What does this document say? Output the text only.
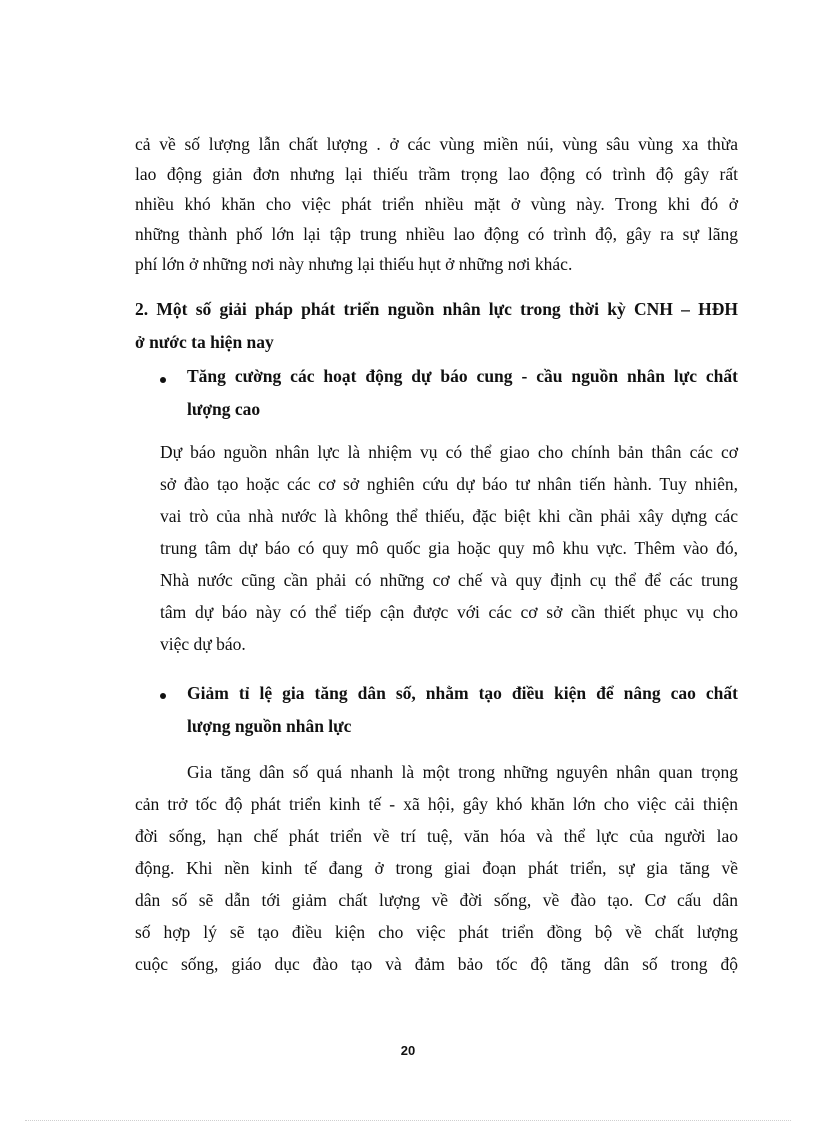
cả về số lượng lẫn chất lượng . ở các vùng miền núi, vùng sâu vùng xa thừa
lao động giản đơn nhưng lại thiếu trầm trọng lao động có trình độ gây rất
nhiều khó khăn cho việc phát triển nhiều mặt ở vùng này. Trong khi đó ở
những thành phố lớn lại tập trung nhiều lao động có trình độ, gây ra sự lãng
phí lớn ở những nơi này nhưng lại thiếu hụt ở những nơi khác.
2. Một số giải pháp phát triển nguồn nhân lực trong thời kỳ CNH – HĐH
ở nước ta hiện nay
Tăng cường các hoạt động dự báo cung - cầu nguồn nhân lực chất
lượng cao
Dự báo nguồn nhân lực là nhiệm vụ có thể giao cho chính bản thân các cơ
sở đào tạo hoặc các cơ sở nghiên cứu dự báo tư nhân tiến hành. Tuy nhiên,
vai trò của nhà nước là không thể thiếu, đặc biệt khi cần phải xây dựng các
trung tâm dự báo có quy mô quốc gia hoặc quy mô khu vực. Thêm vào đó,
Nhà nước cũng cần phải có những cơ chế và quy định cụ thể để các trung
tâm dự báo này có thể tiếp cận được với các cơ sở cần thiết phục vụ cho
việc dự báo.
Giảm tỉ lệ gia tăng dân số, nhằm tạo điều kiện để nâng cao chất
lượng nguồn nhân lực
Gia tăng dân số quá nhanh là một trong những nguyên nhân quan trọng
cản trở tốc độ phát triển kinh tế - xã hội, gây khó khăn lớn cho việc cải thiện
đời sống, hạn chế phát triển về trí tuệ, văn hóa và thể lực của người lao
động. Khi nền kinh tế đang ở trong giai đoạn phát triển, sự gia tăng về
dân số sẽ dẫn tới giảm chất lượng về đời sống, về đào tạo. Cơ cấu dân
số hợp lý sẽ tạo điều kiện cho việc phát triển đồng bộ về chất lượng
cuộc sống, giáo dục đào tạo và đảm bảo tốc độ tăng dân số trong độ
20
